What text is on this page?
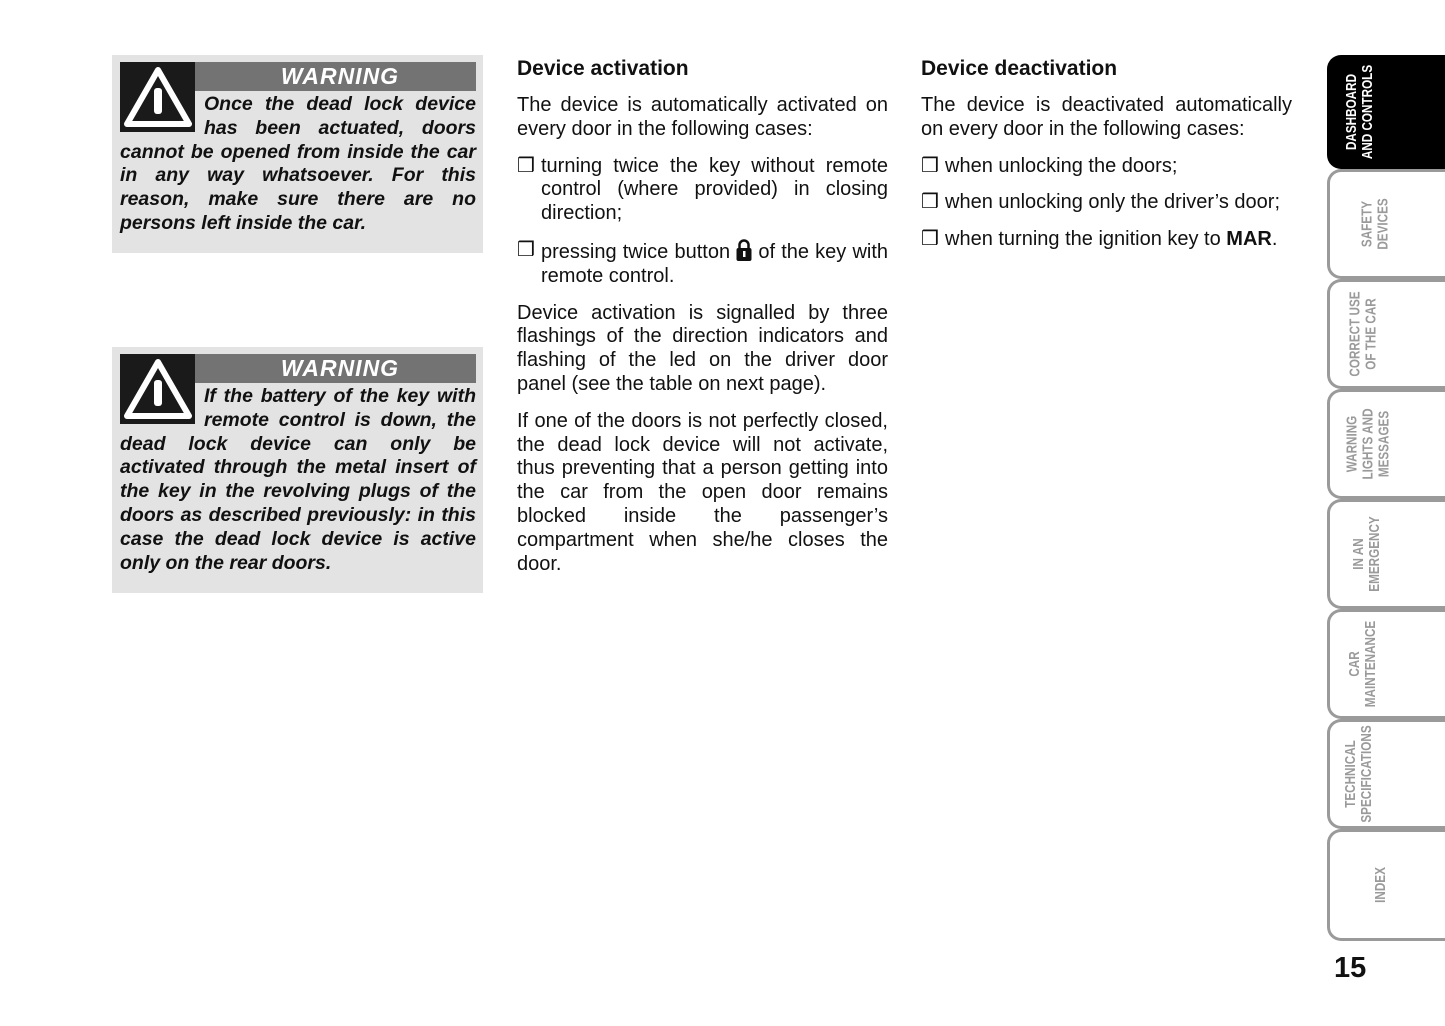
WARNING
Once the dead lock device has been actuated, doors cannot be opened from inside the car in any way whatsoever. For this reason, make sure there are no persons left inside the car.
WARNING
If the battery of the key with remote control is down, the dead lock device can only be activated through the metal insert of the key in the revolving plugs of the doors as described previously: in this case the dead lock device is active only on the rear doors.
Device activation

The device is automatically activated on every door in the following cases:

❒ turning twice the key without remote control (where provided) in closing direction;
❒ pressing twice button of the key with remote control.

Device activation is signalled by three flashings of the direction indicators and flashing of the led on the driver door panel (see the table on next page).

If one of the doors is not perfectly closed, the dead lock device will not activate, thus preventing that a person getting into the car from the open door remains blocked inside the passenger’s compartment when she/he closes the door.

Device deactivation

The device is deactivated automatically on every door in the following cases:

❒ when unlocking the doors;
❒ when unlocking only the driver’s door;
❒ when turning the ignition key to MAR.
DASHBOARD
AND CONTROLS
SAFETY
DEVICES
CORRECT USE
OF THE CAR
WARNING
LIGHTS AND
MESSAGES
IN AN
EMERGENCY
CAR
MAINTENANCE
TECHNICAL
SPECIFICATIONS
INDEX
15
